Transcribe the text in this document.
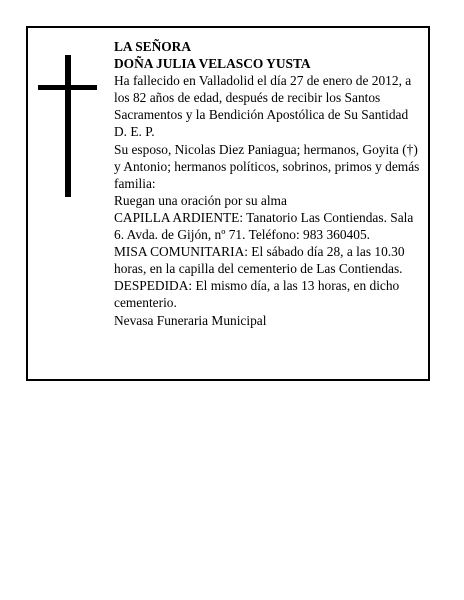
LA SEÑORA

DOÑA JULIA VELASCO YUSTA

Ha fallecido en Valladolid el día 27 de enero de 2012, a los 82 años de edad, después de recibir los Santos Sacramentos y la Bendición Apostólica de Su Santidad

D. E. P.

Su esposo, Nicolas Diez Paniagua; hermanos, Goyita (†) y Antonio; hermanos políticos, sobrinos, primos y demás familia:

Ruegan una oración por su alma

CAPILLA ARDIENTE: Tanatorio Las Contiendas. Sala 6. Avda. de Gijón, nº 71. Teléfono: 983 360405.

MISA COMUNITARIA: El sábado día 28, a las 10.30 horas, en la capilla del cementerio de Las Contiendas.

DESPEDIDA: El mismo día, a las 13 horas, en dicho cementerio.

Nevasa Funeraria Municipal
